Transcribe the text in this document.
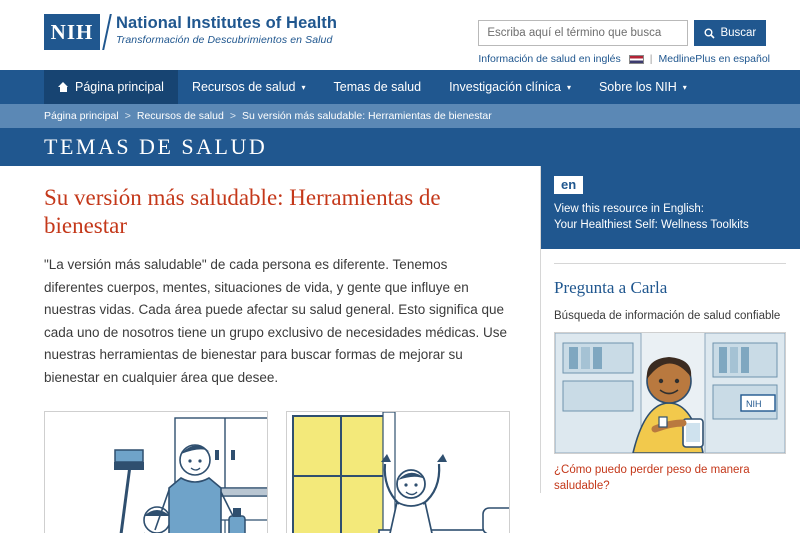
NIH	National Institutes of Health
Transformación de Descubrimientos en Salud
Escriba aquí el término que busca
Buscar
Información de salud en inglés	| MedlinePlus en español
Página principal Recursos de salud ▾ Temas de salud Investigación clínica ▾ Sobre los NIH ▾
Página principal > Recursos de salud > Su versión más saludable: Herramientas de bienestar
TEMAS DE SALUD
Su versión más saludable: Herramientas de bienestar

"La versión más saludable" de cada persona es diferente. Tenemos diferentes cuerpos, mentes, situaciones de vida, y gente que influye en nuestras vidas. Cada área puede afectar su salud general. Esto significa que cada uno de nosotros tiene un grupo exclusivo de necesidades médicas. Use nuestras herramientas de bienestar para buscar formas de mejorar su bienestar en cualquier área que desee.

en
View this resource in English:
Your Healthiest Self: Wellness Toolkits
Pregunta a Carla

Búsqueda de información de salud confiable

NIH
¿Cómo puedo perder peso de manera saludable?
